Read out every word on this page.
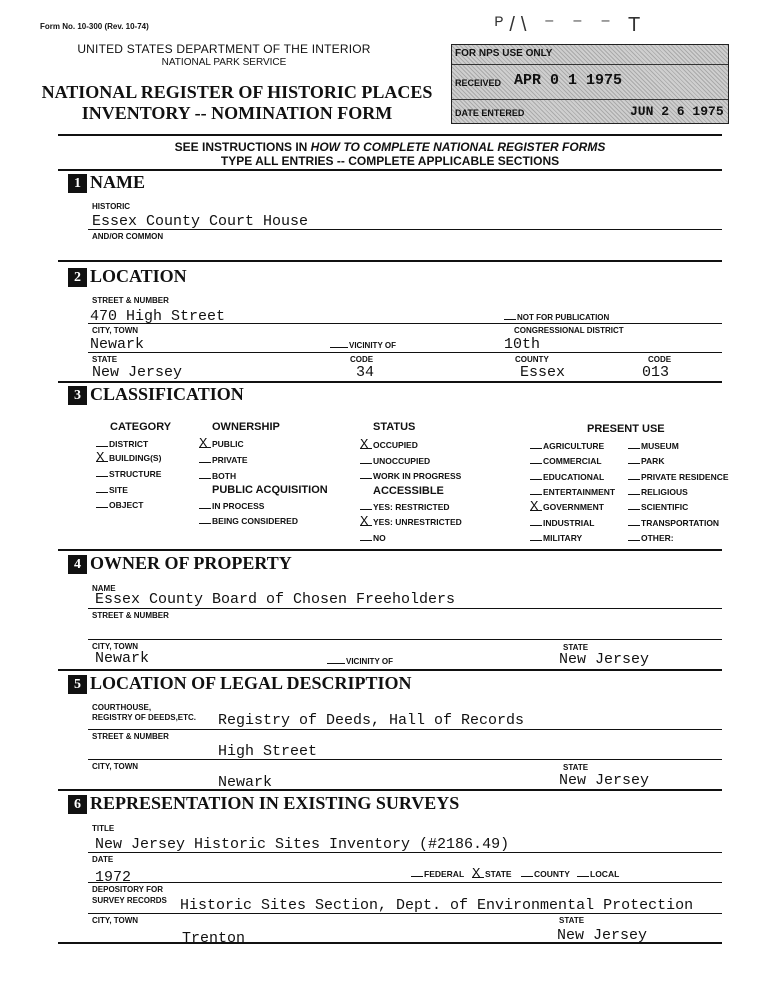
Form No. 10-300 (Rev. 10-74)
UNITED STATES DEPARTMENT OF THE INTERIOR
NATIONAL PARK SERVICE
NATIONAL REGISTER OF HISTORIC PLACES
INVENTORY -- NOMINATION FORM
ᴾ/\ ⁻ ⁻ ⁻ T
FOR NPS USE ONLY
RECEIVED APR 0 1 1975
DATE ENTERED	JUN 2 6 1975
SEE INSTRUCTIONS IN HOW TO COMPLETE NATIONAL REGISTER FORMS
TYPE ALL ENTRIES -- COMPLETE APPLICABLE SECTIONS
1 NAME
HISTORIC
Essex County Court House
AND/OR COMMON
2 LOCATION
STREET & NUMBER
470 High Street	NOT FOR PUBLICATION
CITY, TOWN	CONGRESSIONAL DISTRICT
Newark	VICINITY OF	10th
STATE	CODE	COUNTY	CODE
New Jersey	34	Essex	013
3 CLASSIFICATION
CATEGORY	OWNERSHIP	STATUS	PRESENT USE
DISTRICT
X BUILDING(S)
STRUCTURE
SITE
OBJECT
X PUBLIC
PRIVATE
BOTH
PUBLIC ACQUISITION
IN PROCESS
BEING CONSIDERED
X OCCUPIED
UNOCCUPIED
WORK IN PROGRESS
ACCESSIBLE
YES: RESTRICTED
X YES: UNRESTRICTED
NO
AGRICULTURE
COMMERCIAL
EDUCATIONAL
ENTERTAINMENT
X GOVERNMENT
INDUSTRIAL
MILITARY
MUSEUM
PARK
PRIVATE RESIDENCE
RELIGIOUS
SCIENTIFIC
TRANSPORTATION
OTHER:
4 OWNER OF PROPERTY
NAME
Essex County Board of Chosen Freeholders
STREET & NUMBER
CITY, TOWN	STATE
Newark	VICINITY OF	New Jersey
5 LOCATION OF LEGAL DESCRIPTION
COURTHOUSE,
REGISTRY OF DEEDS,ETC. Registry of Deeds, Hall of Records
STREET & NUMBER
High Street
CITY, TOWN	STATE
Newark	New Jersey
6 REPRESENTATION IN EXISTING SURVEYS
TITLE
New Jersey Historic Sites Inventory (#2186.49)
DATE
1972	FEDERAL X STATE	COUNTY	LOCAL
DEPOSITORY FOR
SURVEY RECORDS Historic Sites Section, Dept. of Environmental Protection
CITY, TOWN	STATE
Trenton	New Jersey
